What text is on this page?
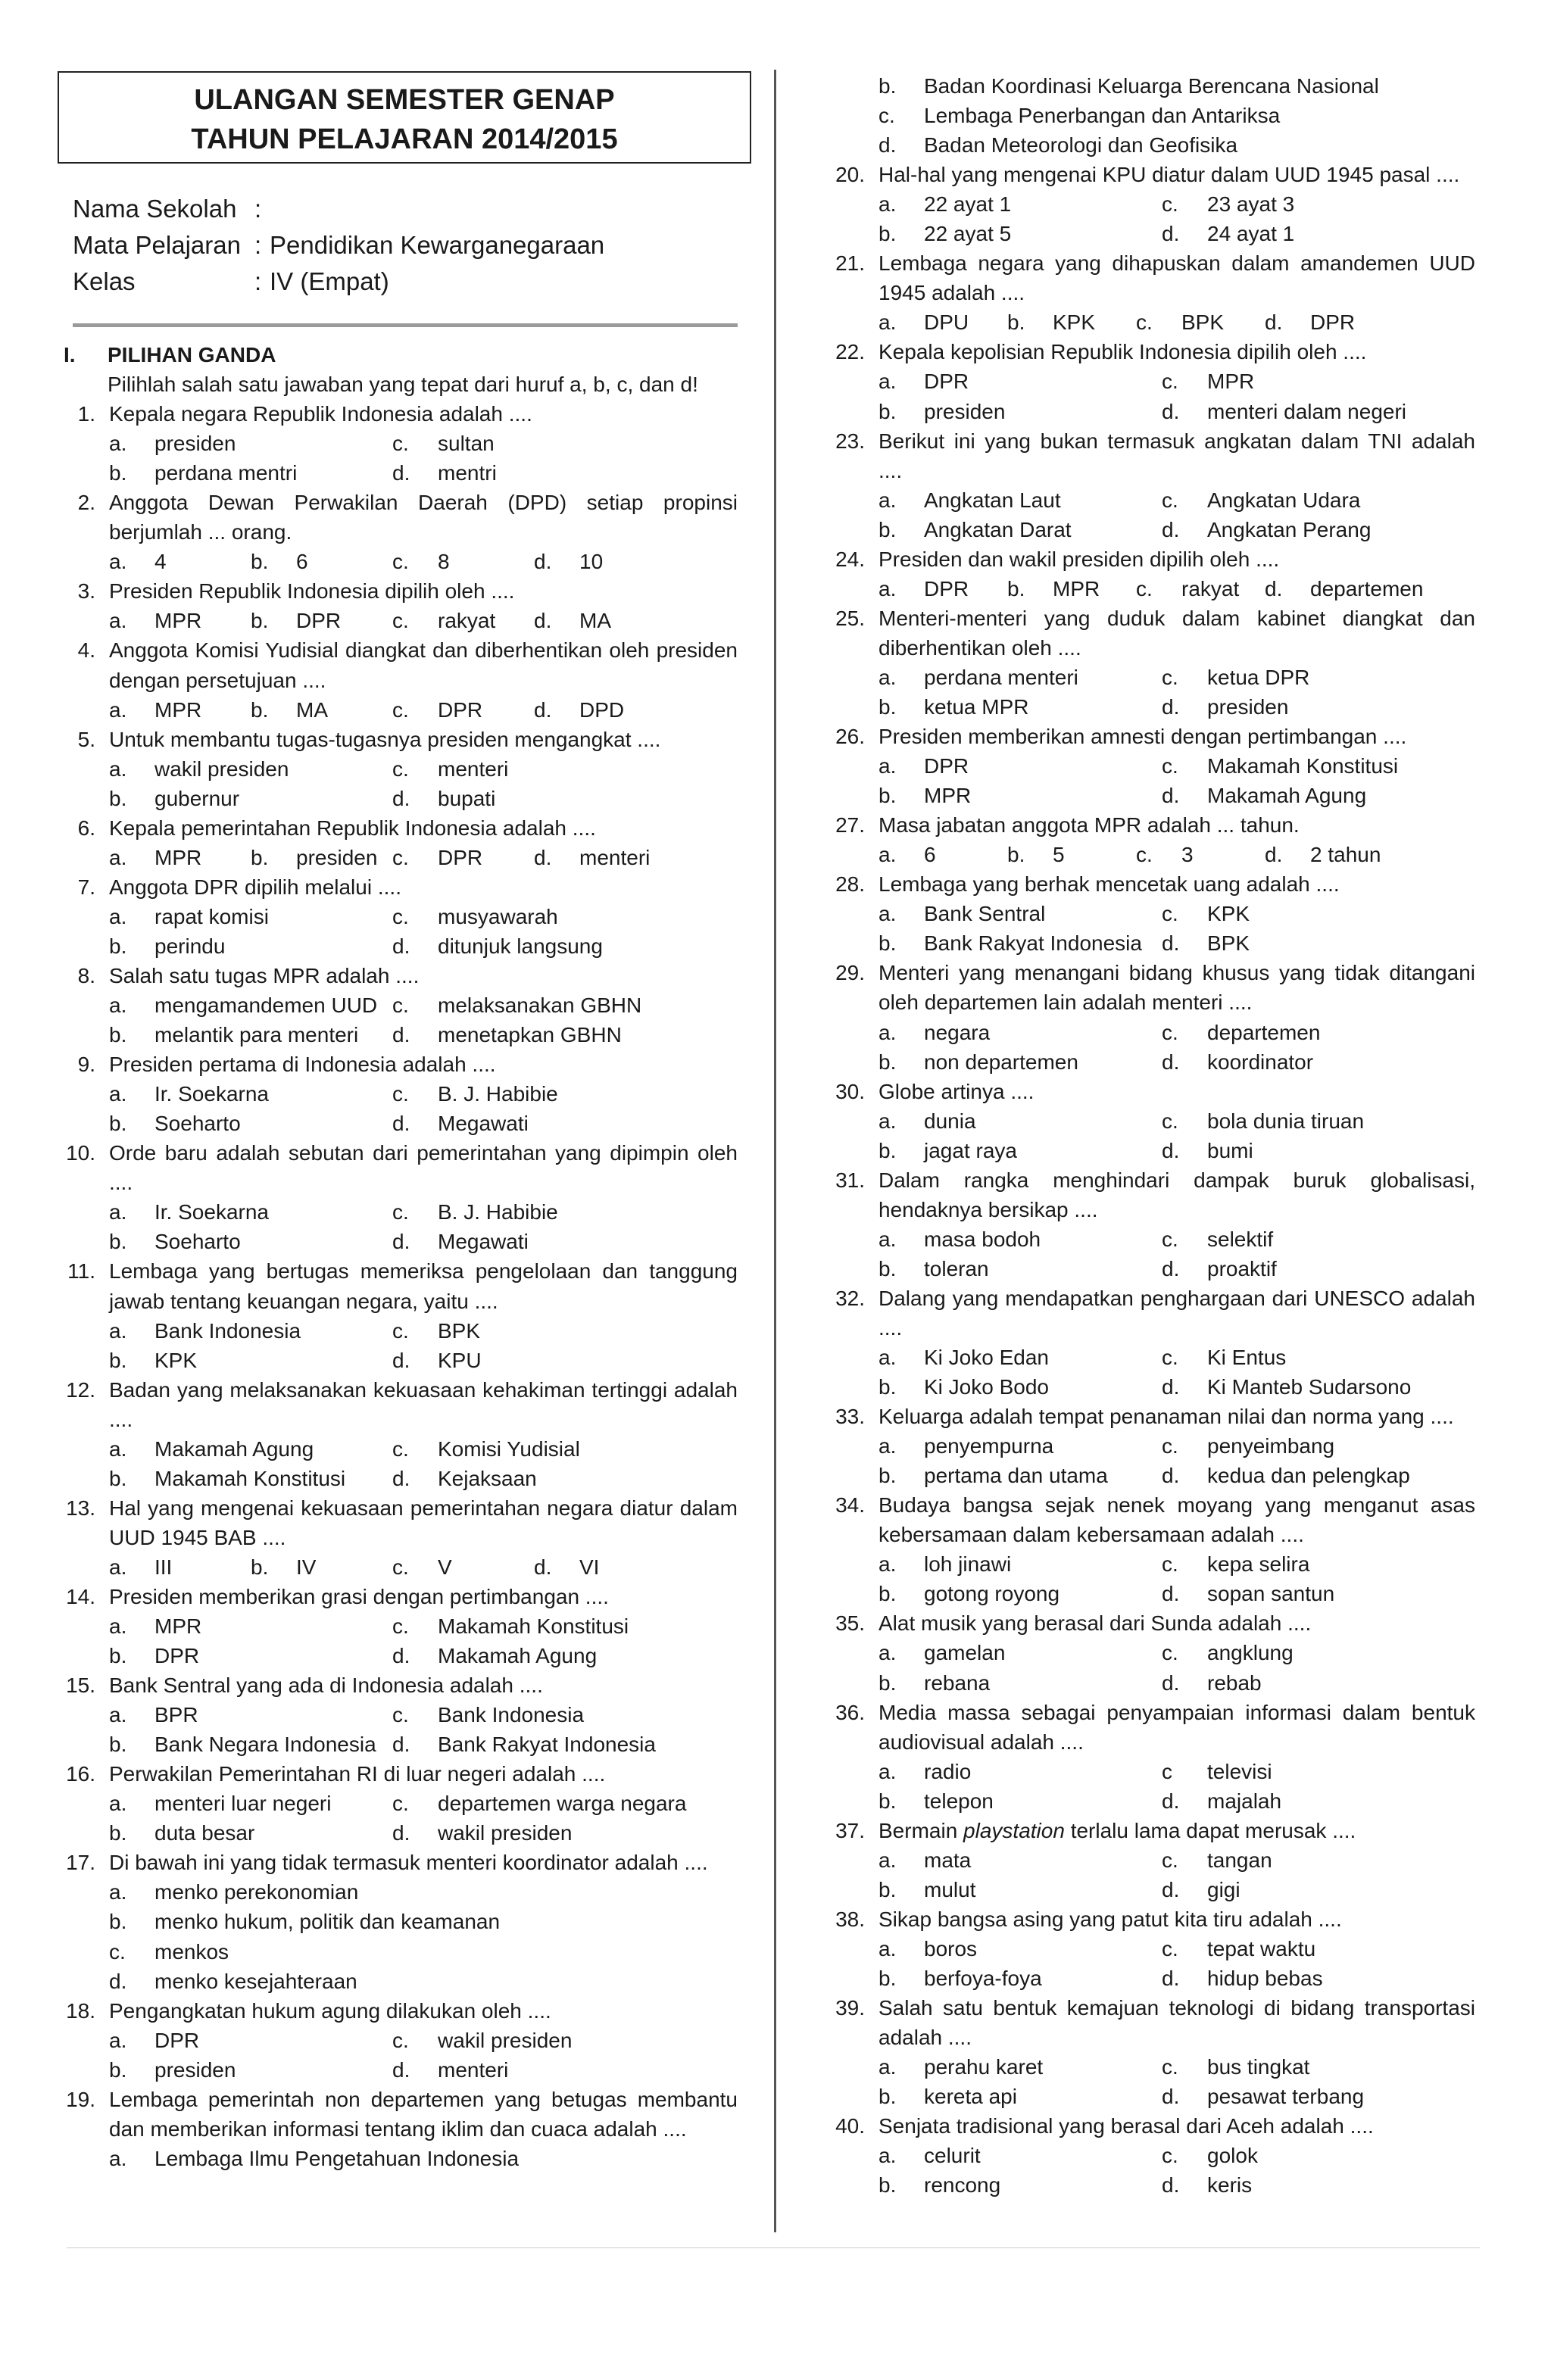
ULANGAN SEMESTER GENAP
TAHUN PELAJARAN 2014/2015
Nama Sekolah :
Mata Pelajaran : Pendidikan Kewarganegaraan
Kelas	: IV (Empat)
I.	PILIHAN GANDA
Pilihlah salah satu jawaban yang tepat dari huruf a, b, c, dan d!
1. Kepala negara Republik Indonesia adalah ....
a.	presiden	c.	sultan
b.	perdana mentri	d.	mentri
2. Anggota Dewan Perwakilan Daerah (DPD) setiap propinsi berjumlah ... orang.
a.	4	b.	6	c.	8	d.	10
3. Presiden Republik Indonesia dipilih oleh ....
a.	MPR b.	DPR c.	rakyat d.	MA
4. Anggota Komisi Yudisial diangkat dan diberhentikan oleh presiden dengan persetujuan ....
a.	MPR b.	MA	c.	DPR d.	DPD
5. Untuk membantu tugas-tugasnya presiden mengangkat ....
a.	wakil presiden	c.	menteri
b.	gubernur	d.	bupati
6. Kepala pemerintahan Republik Indonesia adalah ....
a.	MPR b.	presiden c.	DPR d.	menteri
7. Anggota DPR dipilih melalui ....
a.	rapat komisi	c.	musyawarah
b.	perindu	d.	ditunjuk langsung
8. Salah satu tugas MPR adalah ....
a.	mengamandemen UUD c.	melaksanakan GBHN
b.	melantik para menteri d.	menetapkan GBHN
9. Presiden pertama di Indonesia adalah ....
a.	Ir. Soekarna	c.	B. J. Habibie
b.	Soeharto	d.	Megawati
10. Orde baru adalah sebutan dari pemerintahan yang dipimpin oleh ....
a.	Ir. Soekarna	c.	B. J. Habibie
b.	Soeharto	d.	Megawati
11. Lembaga yang bertugas memeriksa pengelolaan dan tanggung jawab tentang keuangan negara, yaitu ....
a.	Bank Indonesia	c.	BPK
b.	KPK	d.	KPU
12. Badan yang melaksanakan kekuasaan kehakiman tertinggi adalah ....
a.	Makamah Agung	c.	Komisi Yudisial
b.	Makamah Konstitusi d.	Kejaksaan
13. Hal yang mengenai kekuasaan pemerintahan negara diatur dalam UUD 1945 BAB ....
a.	III	b.	IV	c.	V	d.	VI
14. Presiden memberikan grasi dengan pertimbangan ....
a.	MPR	c.	Makamah Konstitusi
b.	DPR	d.	Makamah Agung
15. Bank Sentral yang ada di Indonesia adalah ....
a.	BPR	c.	Bank Indonesia
b.	Bank Negara Indonesia d.	Bank Rakyat Indonesia
16. Perwakilan Pemerintahan RI di luar negeri adalah ....
a.	menteri luar negeri	c.	departemen warga negara
b.	duta besar	d.	wakil presiden
17. Di bawah ini yang tidak termasuk menteri koordinator adalah ....
a.	menko perekonomian
b.	menko hukum, politik dan keamanan
c.	menkos
d.	menko kesejahteraan
18. Pengangkatan hukum agung dilakukan oleh ....
a.	DPR	c.	wakil presiden
b.	presiden	d.	menteri
19. Lembaga pemerintah non departemen yang betugas membantu dan memberikan informasi tentang iklim dan cuaca adalah ....
a.	Lembaga Ilmu Pengetahuan Indonesia
b.	Badan Koordinasi Keluarga Berencana Nasional
c.	Lembaga Penerbangan dan Antariksa
d.	Badan Meteorologi dan Geofisika
20. Hal-hal yang mengenai KPU diatur dalam UUD 1945 pasal ....
a.	22 ayat 1	c.	23 ayat 3
b.	22 ayat 5	d.	24 ayat 1
21. Lembaga negara yang dihapuskan dalam amandemen UUD 1945 adalah ....
a.	DPU b.	KPK c.	BPK d.	DPR
22. Kepala kepolisian Republik Indonesia dipilih oleh ....
a.	DPR	c.	MPR
b.	presiden	d.	menteri dalam negeri
23. Berikut ini yang bukan termasuk angkatan dalam TNI adalah ....
a.	Angkatan Laut	c.	Angkatan Udara
b.	Angkatan Darat	d.	Angkatan Perang
24. Presiden dan wakil presiden dipilih oleh ....
a.	DPR b.	MPR c.	rakyat d.	departemen
25. Menteri-menteri yang duduk dalam kabinet diangkat dan diberhentikan oleh ....
a.	perdana menteri	c.	ketua DPR
b.	ketua MPR	d.	presiden
26. Presiden memberikan amnesti dengan pertimbangan ....
a.	DPR	c.	Makamah Konstitusi
b.	MPR	d.	Makamah Agung
27. Masa jabatan anggota MPR adalah ... tahun.
a.	6	b.	5	c.	3	d.	2 tahun
28. Lembaga yang berhak mencetak uang adalah ....
a.	Bank Sentral	c.	KPK
b.	Bank Rakyat Indonesia d.	BPK
29. Menteri yang menangani bidang khusus yang tidak ditangani oleh departemen lain adalah menteri ....
a.	negara	c.	departemen
b.	non departemen	d.	koordinator
30. Globe artinya ....
a.	dunia	c.	bola dunia tiruan
b.	jagat raya	d.	bumi
31. Dalam rangka menghindari dampak buruk globalisasi, hendaknya bersikap ....
a.	masa bodoh	c.	selektif
b.	toleran	d.	proaktif
32. Dalang yang mendapatkan penghargaan dari UNESCO adalah ....
a.	Ki Joko Edan	c.	Ki Entus
b.	Ki Joko Bodo	d.	Ki Manteb Sudarsono
33. Keluarga adalah tempat penanaman nilai dan norma yang ....
a.	penyempurna	c.	penyeimbang
b.	pertama dan utama	d.	kedua dan pelengkap
34. Budaya bangsa sejak nenek moyang yang menganut asas kebersamaan dalam kebersamaan adalah ....
a.	loh jinawi	c.	kepa selira
b.	gotong royong	d.	sopan santun
35. Alat musik yang berasal dari Sunda adalah ....
a.	gamelan	c.	angklung
b.	rebana	d.	rebab
36. Media massa sebagai penyampaian informasi dalam bentuk audiovisual adalah ....
a.	radio	c	televisi
b.	telepon	d.	majalah
37. Bermain playstation terlalu lama dapat merusak ....
a.	mata	c.	tangan
b.	mulut	d.	gigi
38. Sikap bangsa asing yang patut kita tiru adalah ....
a.	boros	c.	tepat waktu
b.	berfoya-foya	d.	hidup bebas
39. Salah satu bentuk kemajuan teknologi di bidang transportasi adalah ....
a.	perahu karet	c.	bus tingkat
b.	kereta api	d.	pesawat terbang
40. Senjata tradisional yang berasal dari Aceh adalah ....
a.	celurit	c.	golok
b.	rencong	d.	keris
